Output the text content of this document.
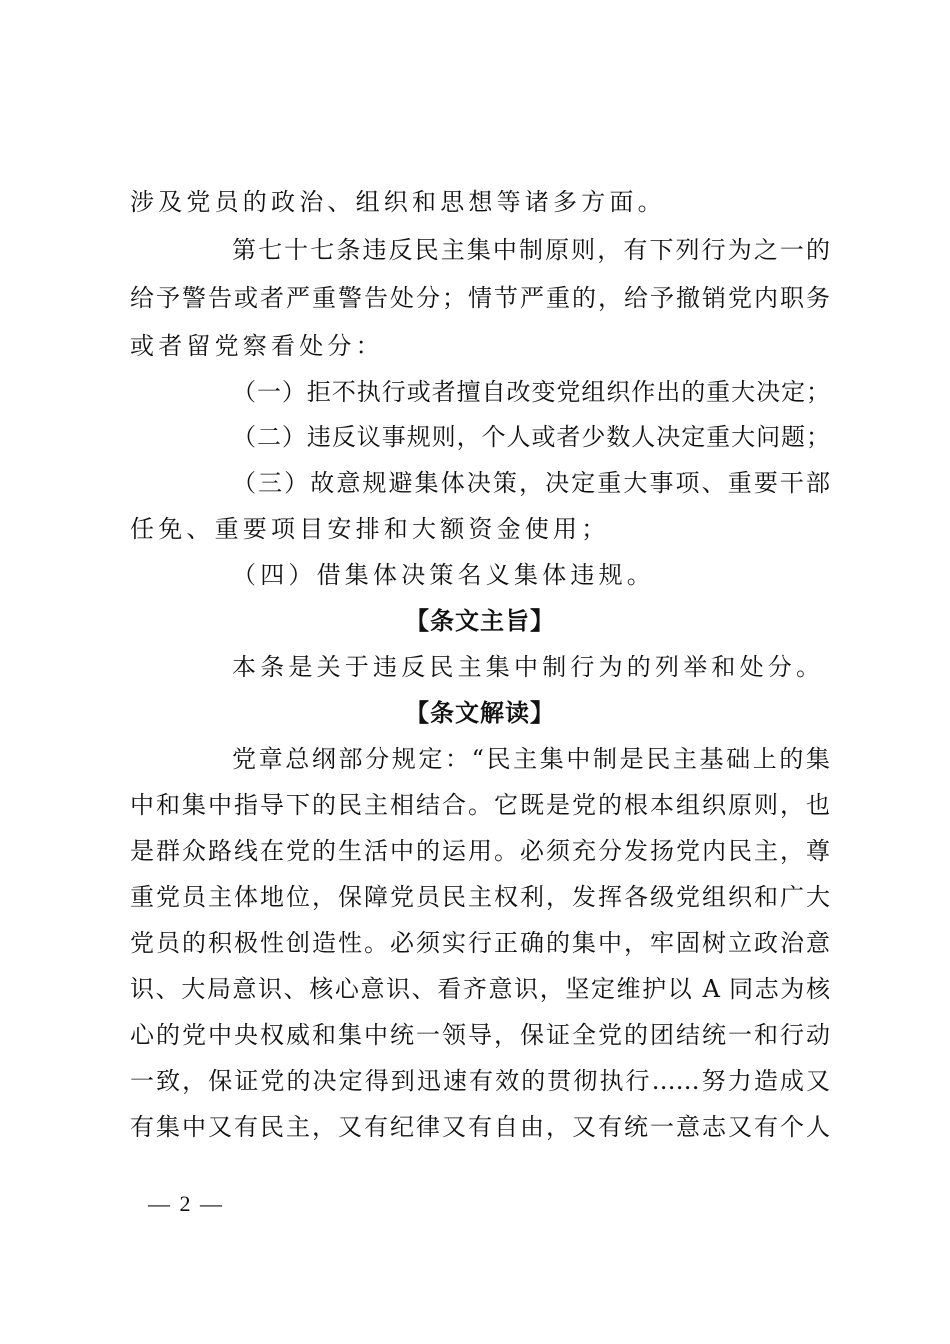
涉及党员的政治、组织和思想等诸多方面。
第七十七条违反民主集中制原则，有下列行为之一的
给予警告或者严重警告处分；情节严重的，给予撤销党内职务
或者留党察看处分：
（一）拒不执行或者擅自改变党组织作出的重大决定；
（二）违反议事规则，个人或者少数人决定重大问题；
（三）故意规避集体决策，决定重大事项、重要干部
任免、重要项目安排和大额资金使用；
（四）借集体决策名义集体违规。
【条文主旨】
本条是关于违反民主集中制行为的列举和处分。
【条文解读】
党章总纲部分规定：“民主集中制是民主基础上的集
中和集中指导下的民主相结合。它既是党的根本组织原则，也
是群众路线在党的生活中的运用。必须充分发扬党内民主，尊
重党员主体地位，保障党员民主权利，发挥各级党组织和广大
党员的积极性创造性。必须实行正确的集中，牢固树立政治意
识、大局意识、核心意识、看齐意识，坚定维护以 A 同志为核
心的党中央权威和集中统一领导，保证全党的团结统一和行动
一致，保证党的决定得到迅速有效的贯彻执行……努力造成又
有集中又有民主，又有纪律又有自由，又有统一意志又有个人
— 2 —
